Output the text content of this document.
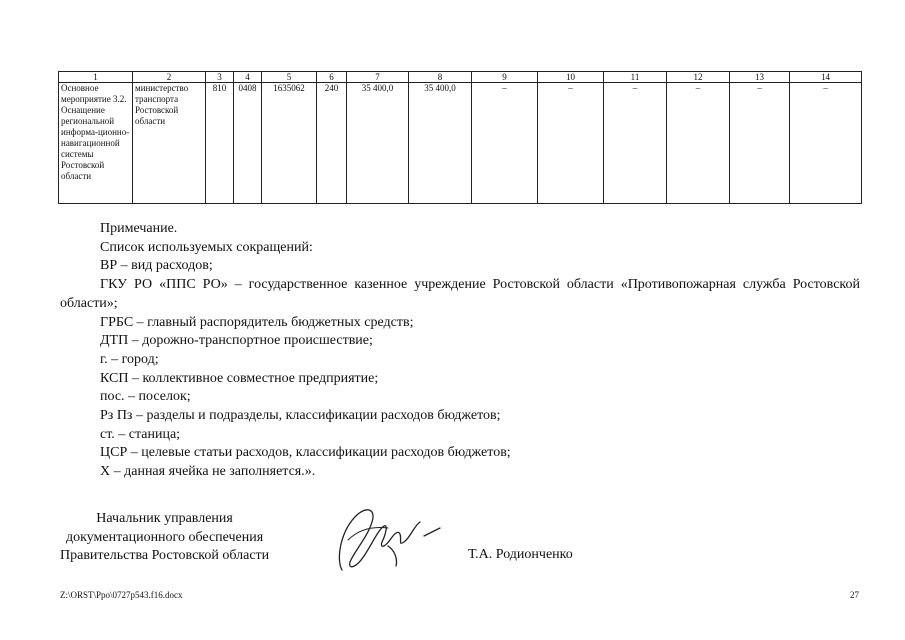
1	2	3	4	5	6	7	8	9	10	11	12	13	14
Основное мероприятие 3.2. Оснащение региональной информа-ционно-навигационной системы Ростовской области	министерство транспорта Ростовской области	810	0408	1635062	240	35 400,0	35 400,0	–	–	–	–	–	–

Примечание.

Список используемых сокращений:

ВР – вид расходов;

ГКУ РО «ППС РО» – государственное казенное учреждение Ростовской области «Противопожарная служба Ростовской области»;

ГРБС – главный распорядитель бюджетных средств;

ДТП – дорожно-транспортное происшествие;

г. – город;

КСП – коллективное совместное предприятие;

пос. – поселок;

Рз Пз – разделы и подразделы, классификации расходов бюджетов;

ст. – станица;

ЦСР – целевые статьи расходов, классификации расходов бюджетов;

Х – данная ячейка не заполняется.».

Начальник управления
документационного обеспечения
Правительства Ростовской области	Т.А. Родионченко
Z:\ORST\Ppo\0727p543.f16.docx	27
